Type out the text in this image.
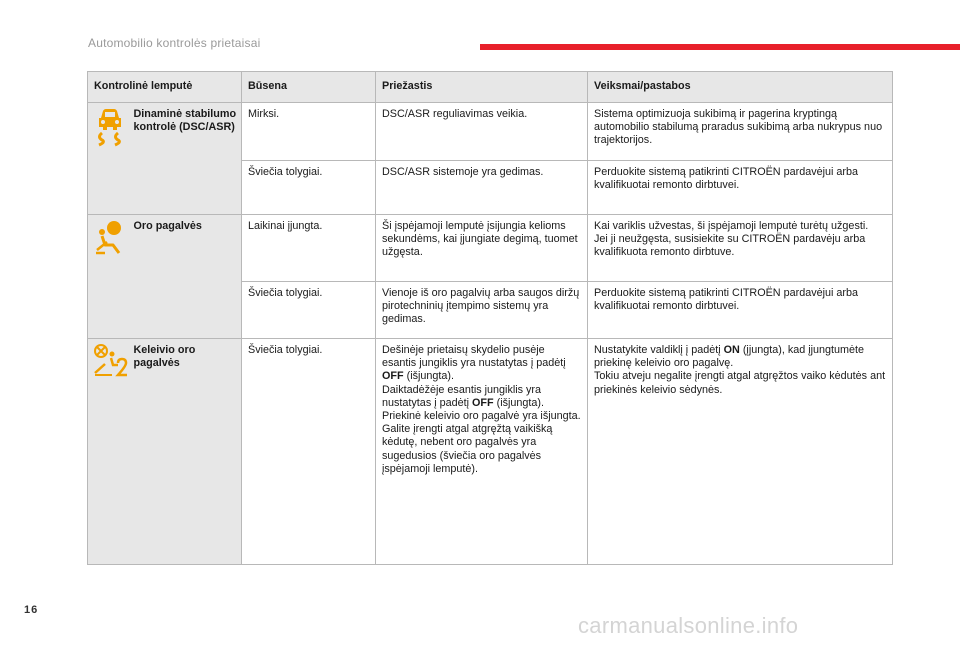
Automobilio kontrolės prietaisai
Kontrolinė lemputė		Būsena	Priežastis	Veiksmai/pastabos

	Dinaminė stabilumo kontrolė (DSC/ASR)	Mirksi.	DSC/ASR reguliavimas veikia.	Sistema optimizuoja sukibimą ir pagerina kryptingą automobilio stabilumą praradus sukibimą arba nukrypus nuo trajektorijos.
		Šviečia tolygiai.	DSC/ASR sistemoje yra gedimas.	Perduokite sistemą patikrinti CITROËN pardavėjui arba kvalifikuotai remonto dirbtuvei.

	Oro pagalvės	Laikinai įjungta.	Ši įspėjamoji lemputė įsijungia kelioms sekundėms, kai įjungiate degimą, tuomet užgęsta.	Kai variklis užvestas, ši įspėjamoji lemputė turėtų užgesti.
Jei ji neužgęsta, susisiekite su CITROËN pardavėju arba kvalifikuota remonto dirbtuve.
		Šviečia tolygiai.	Vienoje iš oro pagalvių arba saugos diržų pirotechninių įtempimo sistemų yra gedimas.	Perduokite sistemą patikrinti CITROËN pardavėjui arba kvalifikuotai remonto dirbtuvei.

	Keleivio oro pagalvės	Šviečia tolygiai.	Dešinėje prietaisų skydelio pusėje esantis jungiklis yra nustatytas į padėtį OFF (išjungta).
Daiktadėžėje esantis jungiklis yra nustatytas į padėtį OFF (išjungta).
Priekinė keleivio oro pagalvė yra išjungta.
Galite įrengti atgal atgręžtą vaikišką kėdutę, nebent oro pagalvės yra sugedusios (šviečia oro pagalvės įspėjamoji lemputė).	Nustatykite valdiklį į padėtį ON (įjungta), kad įjungtumėte priekinę keleivio oro pagalvę.
Tokiu atveju negalite įrengti atgal atgręžtos vaiko kėdutės ant priekinės keleivio sėdynės.
16
carmanualsonline.info
